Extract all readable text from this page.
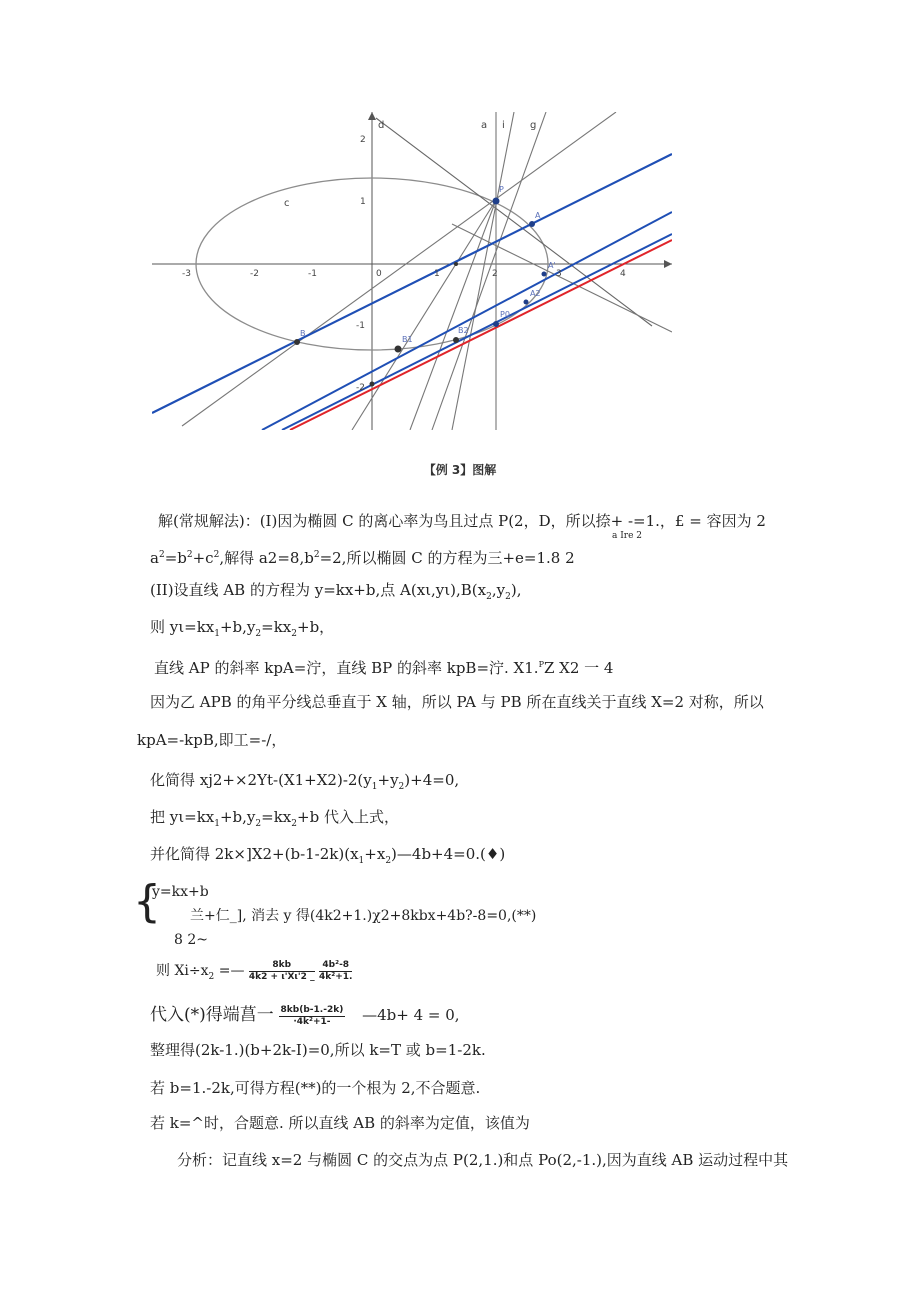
-3	-2	-1	0	1	2	3	4
2
1
-1
-2
d	a i	g
c
P
A
B
B1
B2
P0
A'
A2
【例 3】图解
解(常规解法)：(I)因为椭圆 C 的离心率为鸟且过点 P(2，D，所以捺+ -=1.，£ = 容因为 2
a Ire 2
$a^2=b^2+c^2$,解得 $a2=8,b^2=2$,所以椭圆 C 的方程为三+e=1.8 2
(II)设直线 AB 的方程为 y=kx+b,点 $A(x\iota,y\iota),B(x_2,y_2)$,
则 $y\iota=kx_1+b,y_2=kx_2+b$，
直线 AP 的斜率 kpA=泞，直线 BP 的斜率 kpB=泞. X1.$^P$Z X2 一 4
因为乙 APB 的角平分线总垂直于 X 轴，所以 PA 与 PB 所在直线关于直线 X=2 对称，所以
kpA=-kpB,即工=-/，
化简得 $xj2+\times 2Yt-(X1+X2)-2(y_1+y_2)+4=0$,
把 $y\iota=kx_1+b,y_2=kx_2+b$ 代入上式，
并化简得 $2k\times]X2+(b-1-2k)(x_1+x_2)—4b+4=0.(♦)$
{
y=kx+b
兰+仁_], 消去 y 得(4k2+1.)χ2+8kbx+4b?-8=0,(**)
8 2~
则 $Xi\div x_2$ =— $\frac{8kb}{4k2 + \iota'X\iota'2 \_}$
$\frac{\text{4b²-8}}{\text{4k²+1.}}$
代入(*)得端菖一 $\frac{8kb(b-1.-2k)}{\text{·4k²+1-}}$ —4b+ 4 = 0,
整理得(2k-1.)(b+2k-I)=0,所以 k=T 或 b=1-2k.
若 b=1.-2k,可得方程(**)的一个根为 2,不合题意.
若 k=^时，合题意. 所以直线 AB 的斜率为定值，该值为
分析：记直线 x=2 与椭圆 C 的交点为点 P(2,1.)和点 Po(2,-1.),因为直线 AB 运动过程中其
